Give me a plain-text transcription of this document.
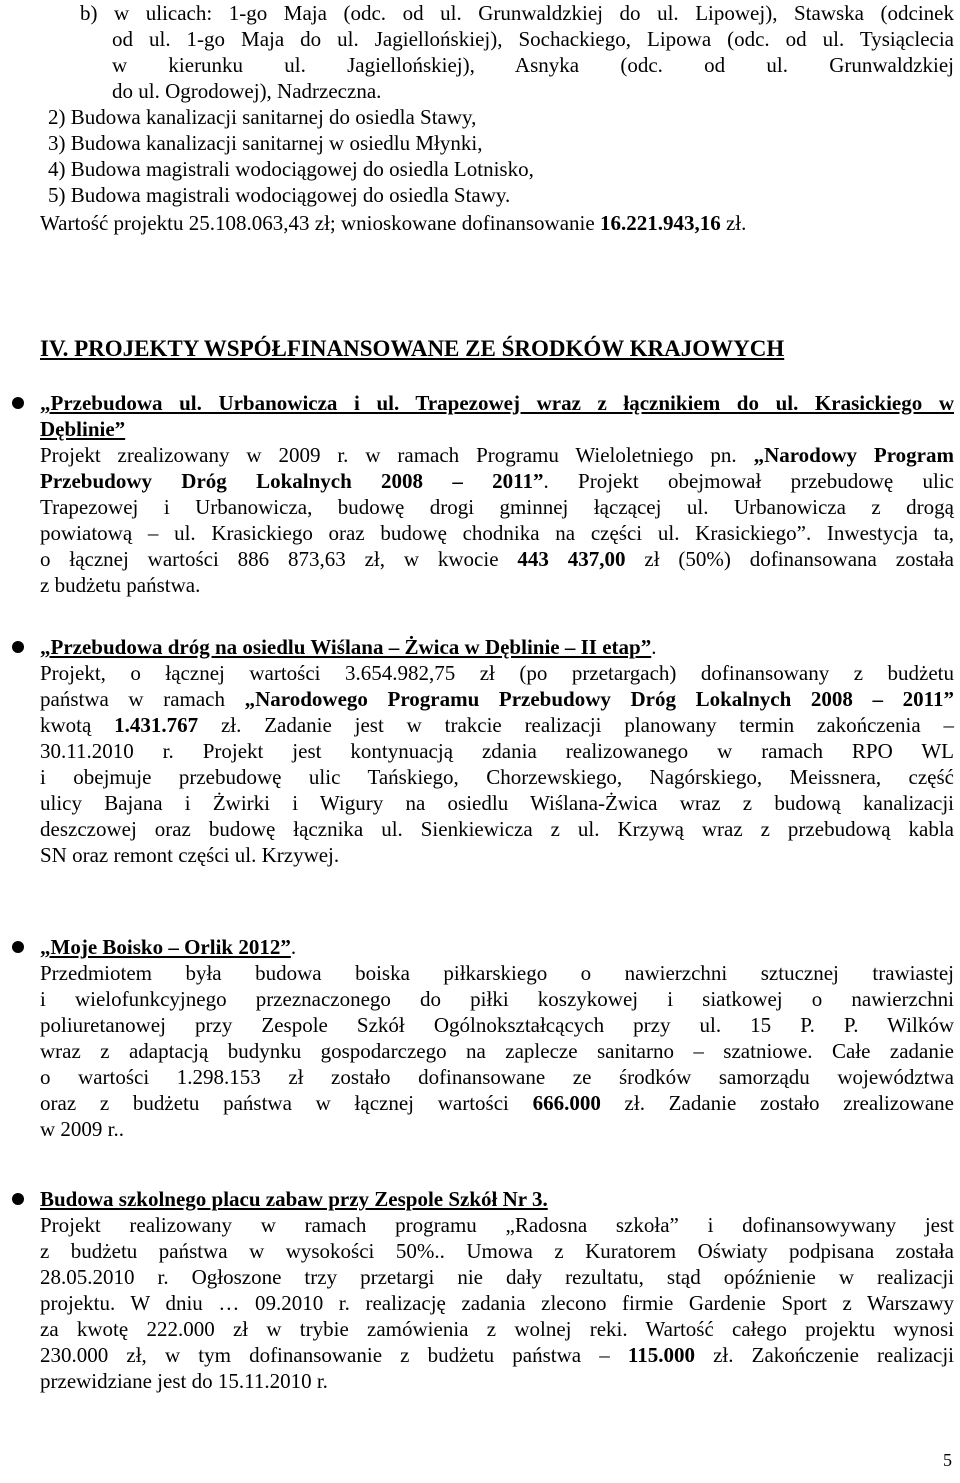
b) w ulicach: 1-go Maja (odc. od ul. Grunwaldzkiej do ul. Lipowej), Stawska (odcinek
od ul. 1-go Maja do ul. Jagiellońskiej), Sochackiego, Lipowa (odc. od ul. Tysiąclecia
w kierunku ul. Jagiellońskiej), Asnyka (odc. od ul. Grunwaldzkiej
do ul. Ogrodowej), Nadrzeczna.
2) Budowa kanalizacji sanitarnej do osiedla Stawy,
3) Budowa kanalizacji sanitarnej w osiedlu Młynki,
4) Budowa magistrali wodociągowej do osiedla Lotnisko,
5) Budowa magistrali wodociągowej do osiedla Stawy.
Wartość projektu 25.108.063,43 zł; wnioskowane dofinansowanie 16.221.943,16 zł.
IV. PROJEKTY WSPÓŁFINANSOWANE ZE ŚRODKÓW KRAJOWYCH
„Przebudowa ul. Urbanowicza i ul. Trapezowej wraz z łącznikiem do ul. Krasickiego w
Dęblinie”
Projekt zrealizowany w 2009 r. w ramach Programu Wieloletniego pn. „Narodowy Program
Przebudowy Dróg Lokalnych 2008 – 2011”. Projekt obejmował przebudowę ulic
Trapezowej i Urbanowicza, budowę drogi gminnej łączącej ul. Urbanowicza z drogą
powiatową – ul. Krasickiego oraz budowę chodnika na części ul. Krasickiego”. Inwestycja ta,
o łącznej wartości 886 873,63 zł, w kwocie 443 437,00 zł (50%) dofinansowana została
z budżetu państwa.
„Przebudowa dróg na osiedlu Wiślana – Żwica w Dęblinie – II etap”.
Projekt, o łącznej wartości 3.654.982,75 zł (po przetargach) dofinansowany z budżetu
państwa w ramach „Narodowego Programu Przebudowy Dróg Lokalnych 2008 – 2011”
kwotą 1.431.767 zł. Zadanie jest w trakcie realizacji planowany termin zakończenia –
30.11.2010 r. Projekt jest kontynuacją zdania realizowanego w ramach RPO WL
i obejmuje przebudowę ulic Tańskiego, Chorzewskiego, Nagórskiego, Meissnera, część
ulicy Bajana i Żwirki i Wigury na osiedlu Wiślana-Żwica wraz z budową kanalizacji
deszczowej oraz budowę łącznika ul. Sienkiewicza z ul. Krzywą wraz z przebudową kabla
SN oraz remont części ul. Krzywej.
„Moje Boisko – Orlik 2012”.
Przedmiotem była budowa boiska piłkarskiego o nawierzchni sztucznej trawiastej
i wielofunkcyjnego przeznaczonego do piłki koszykowej i siatkowej o nawierzchni
poliuretanowej przy Zespole Szkół Ogólnokształcących przy ul. 15 P. P. Wilków
wraz z adaptacją budynku gospodarczego na zaplecze sanitarno – szatniowe. Całe zadanie
o wartości 1.298.153 zł zostało dofinansowane ze środków samorządu województwa
oraz z budżetu państwa w łącznej wartości 666.000 zł. Zadanie zostało zrealizowane
w 2009 r..
Budowa szkolnego placu zabaw przy Zespole Szkół Nr 3.
Projekt realizowany w ramach programu „Radosna szkoła” i dofinansowywany jest
z budżetu państwa w wysokości 50%.. Umowa z Kuratorem Oświaty podpisana została
28.05.2010 r. Ogłoszone trzy przetargi nie dały rezultatu, stąd opóźnienie w realizacji
projektu. W dniu … 09.2010 r. realizację zadania zlecono firmie Gardenie Sport z Warszawy
za kwotę 222.000 zł w trybie zamówienia z wolnej reki. Wartość całego projektu wynosi
230.000 zł, w tym dofinansowanie z budżetu państwa – 115.000 zł. Zakończenie realizacji
przewidziane jest do 15.11.2010 r.
5
